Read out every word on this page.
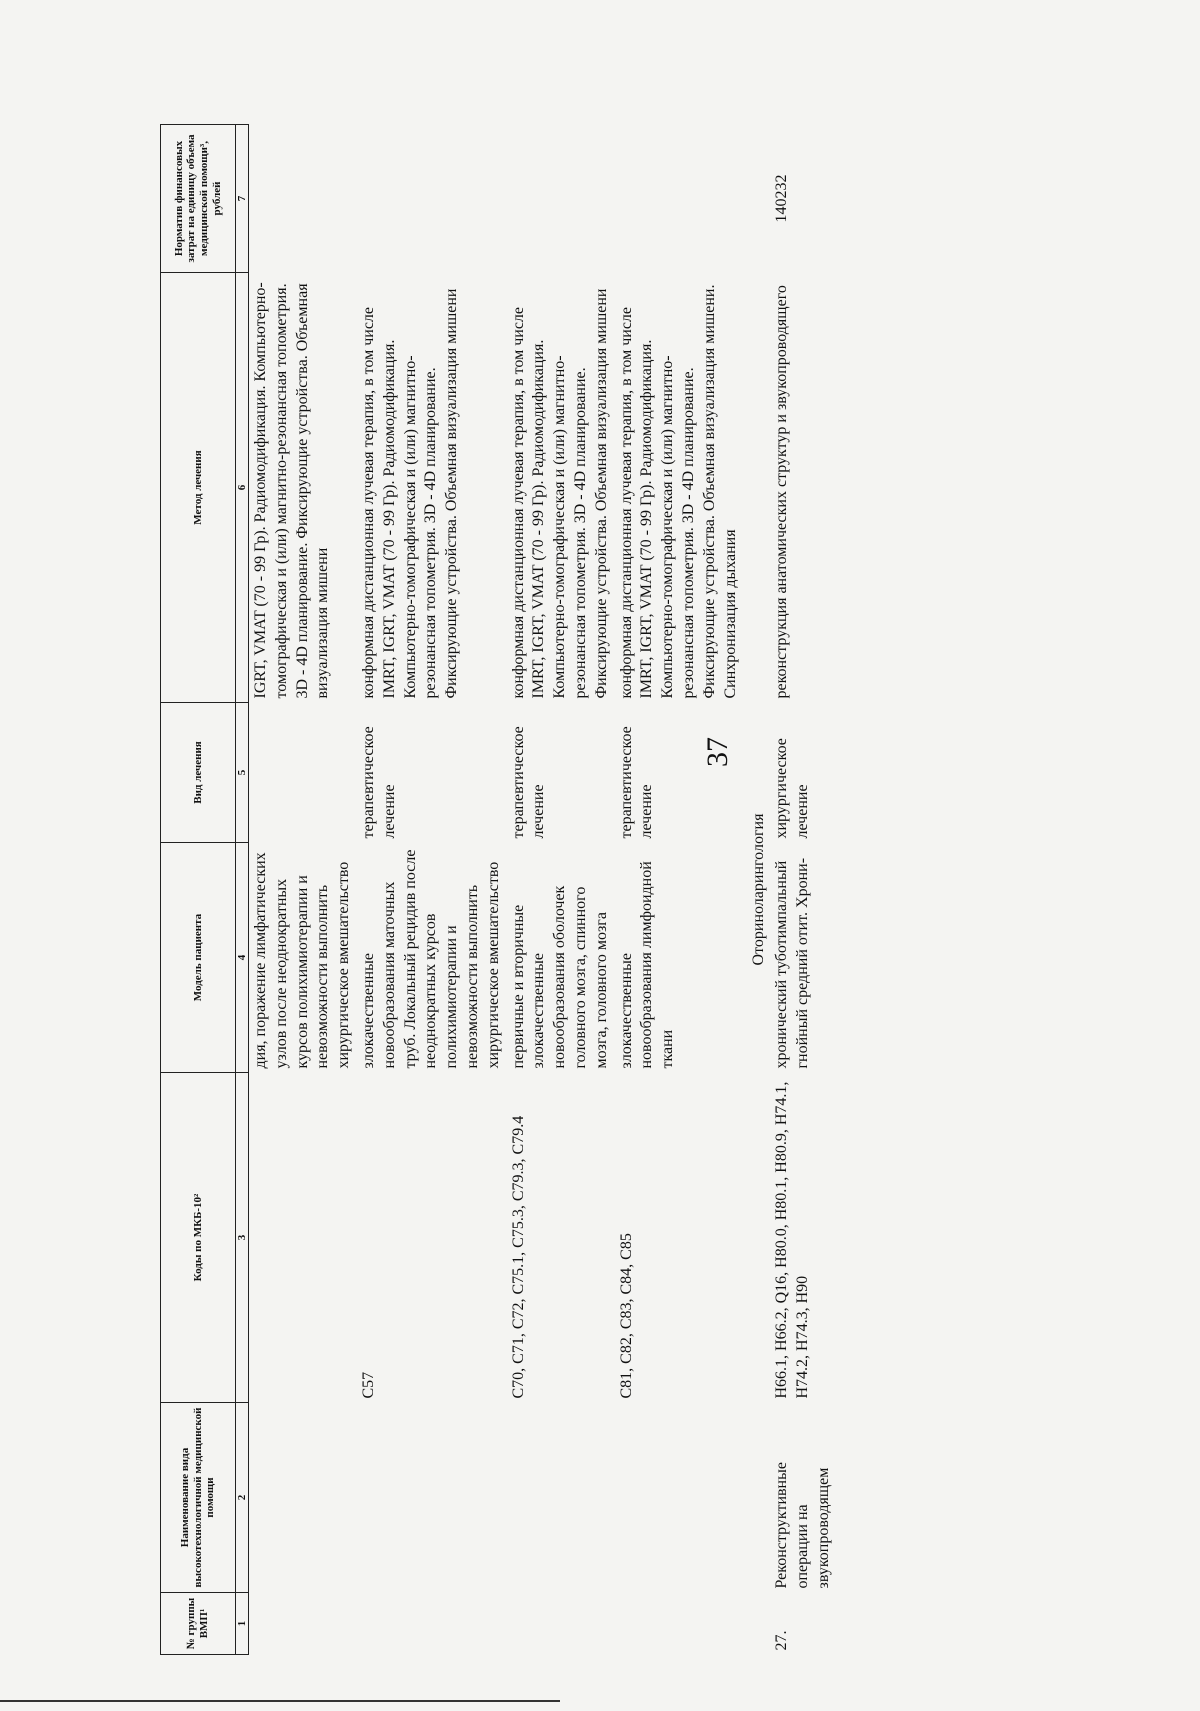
37
№ группы ВМП¹	Наименование вида высокотехнологичной медицинской помощи	Коды по МКБ-10²	Модель пациента	Вид лечения	Метод лечения	Норматив финансовых затрат на единицу объема медицинской помощи³, рублей
1	2	3	4	5	6	7
			дия, поражение лимфатических узлов после неоднократных курсов полихимиотерапии и невозможности выполнить хирургическое вмешательство		IGRT, VMAT (70 - 99 Гр). Радиомодификация. Компьютерно-томографическая и (или) магнитно-резонансная топометрия. 3D - 4D планирование. Фиксирующие устройства. Объемная визуализация мишени	
		C57	злокачественные новообразования маточных труб. Локальный рецидив после неоднократных курсов полихимиотерапии и невозможности выполнить хирургическое вмешательство	терапевтическое лечение	конформная дистанционная лучевая терапия, в том числе IMRT, IGRT, VMAT (70 - 99 Гр). Радиомодификация. Компьютерно-томографическая и (или) магнитно-резонансная топометрия. 3D - 4D планирование. Фиксирующие устройства. Объемная визуализация мишени	
		C70, C71, C72, C75.1, C75.3, C79.3, C79.4	первичные и вторичные злокачественные новообразования оболочек головного мозга, спинного мозга, головного мозга	терапевтическое лечение	конформная дистанционная лучевая терапия, в том числе IMRT, IGRT, VMAT (70 - 99 Гр). Радиомодификация. Компьютерно-томографическая и (или) магнитно-резонансная топометрия. 3D - 4D планирование. Фиксирующие устройства. Объемная визуализация мишени	
		C81, C82, C83, C84, C85	злокачественные новообразования лимфоидной ткани	терапевтическое лечение	конформная дистанционная лучевая терапия, в том числе IMRT, IGRT, VMAT (70 - 99 Гр). Радиомодификация. Компьютерно-томографическая и (или) магнитно-резонансная топометрия. 3D - 4D планирование. Фиксирующие устройства. Объемная визуализация мишени. Синхронизация дыхания	
Оториноларингология						
27.	Реконструктивные операции на звукопроводящем	H66.1, H66.2, Q16, H80.0, H80.1, H80.9, H74.1, H74.2, H74.3, H90	хронический туботимпальный гнойный средний отит. Хрони-	хирургическое лечение	реконструкция анатомических структур и звукопроводящего	140232
